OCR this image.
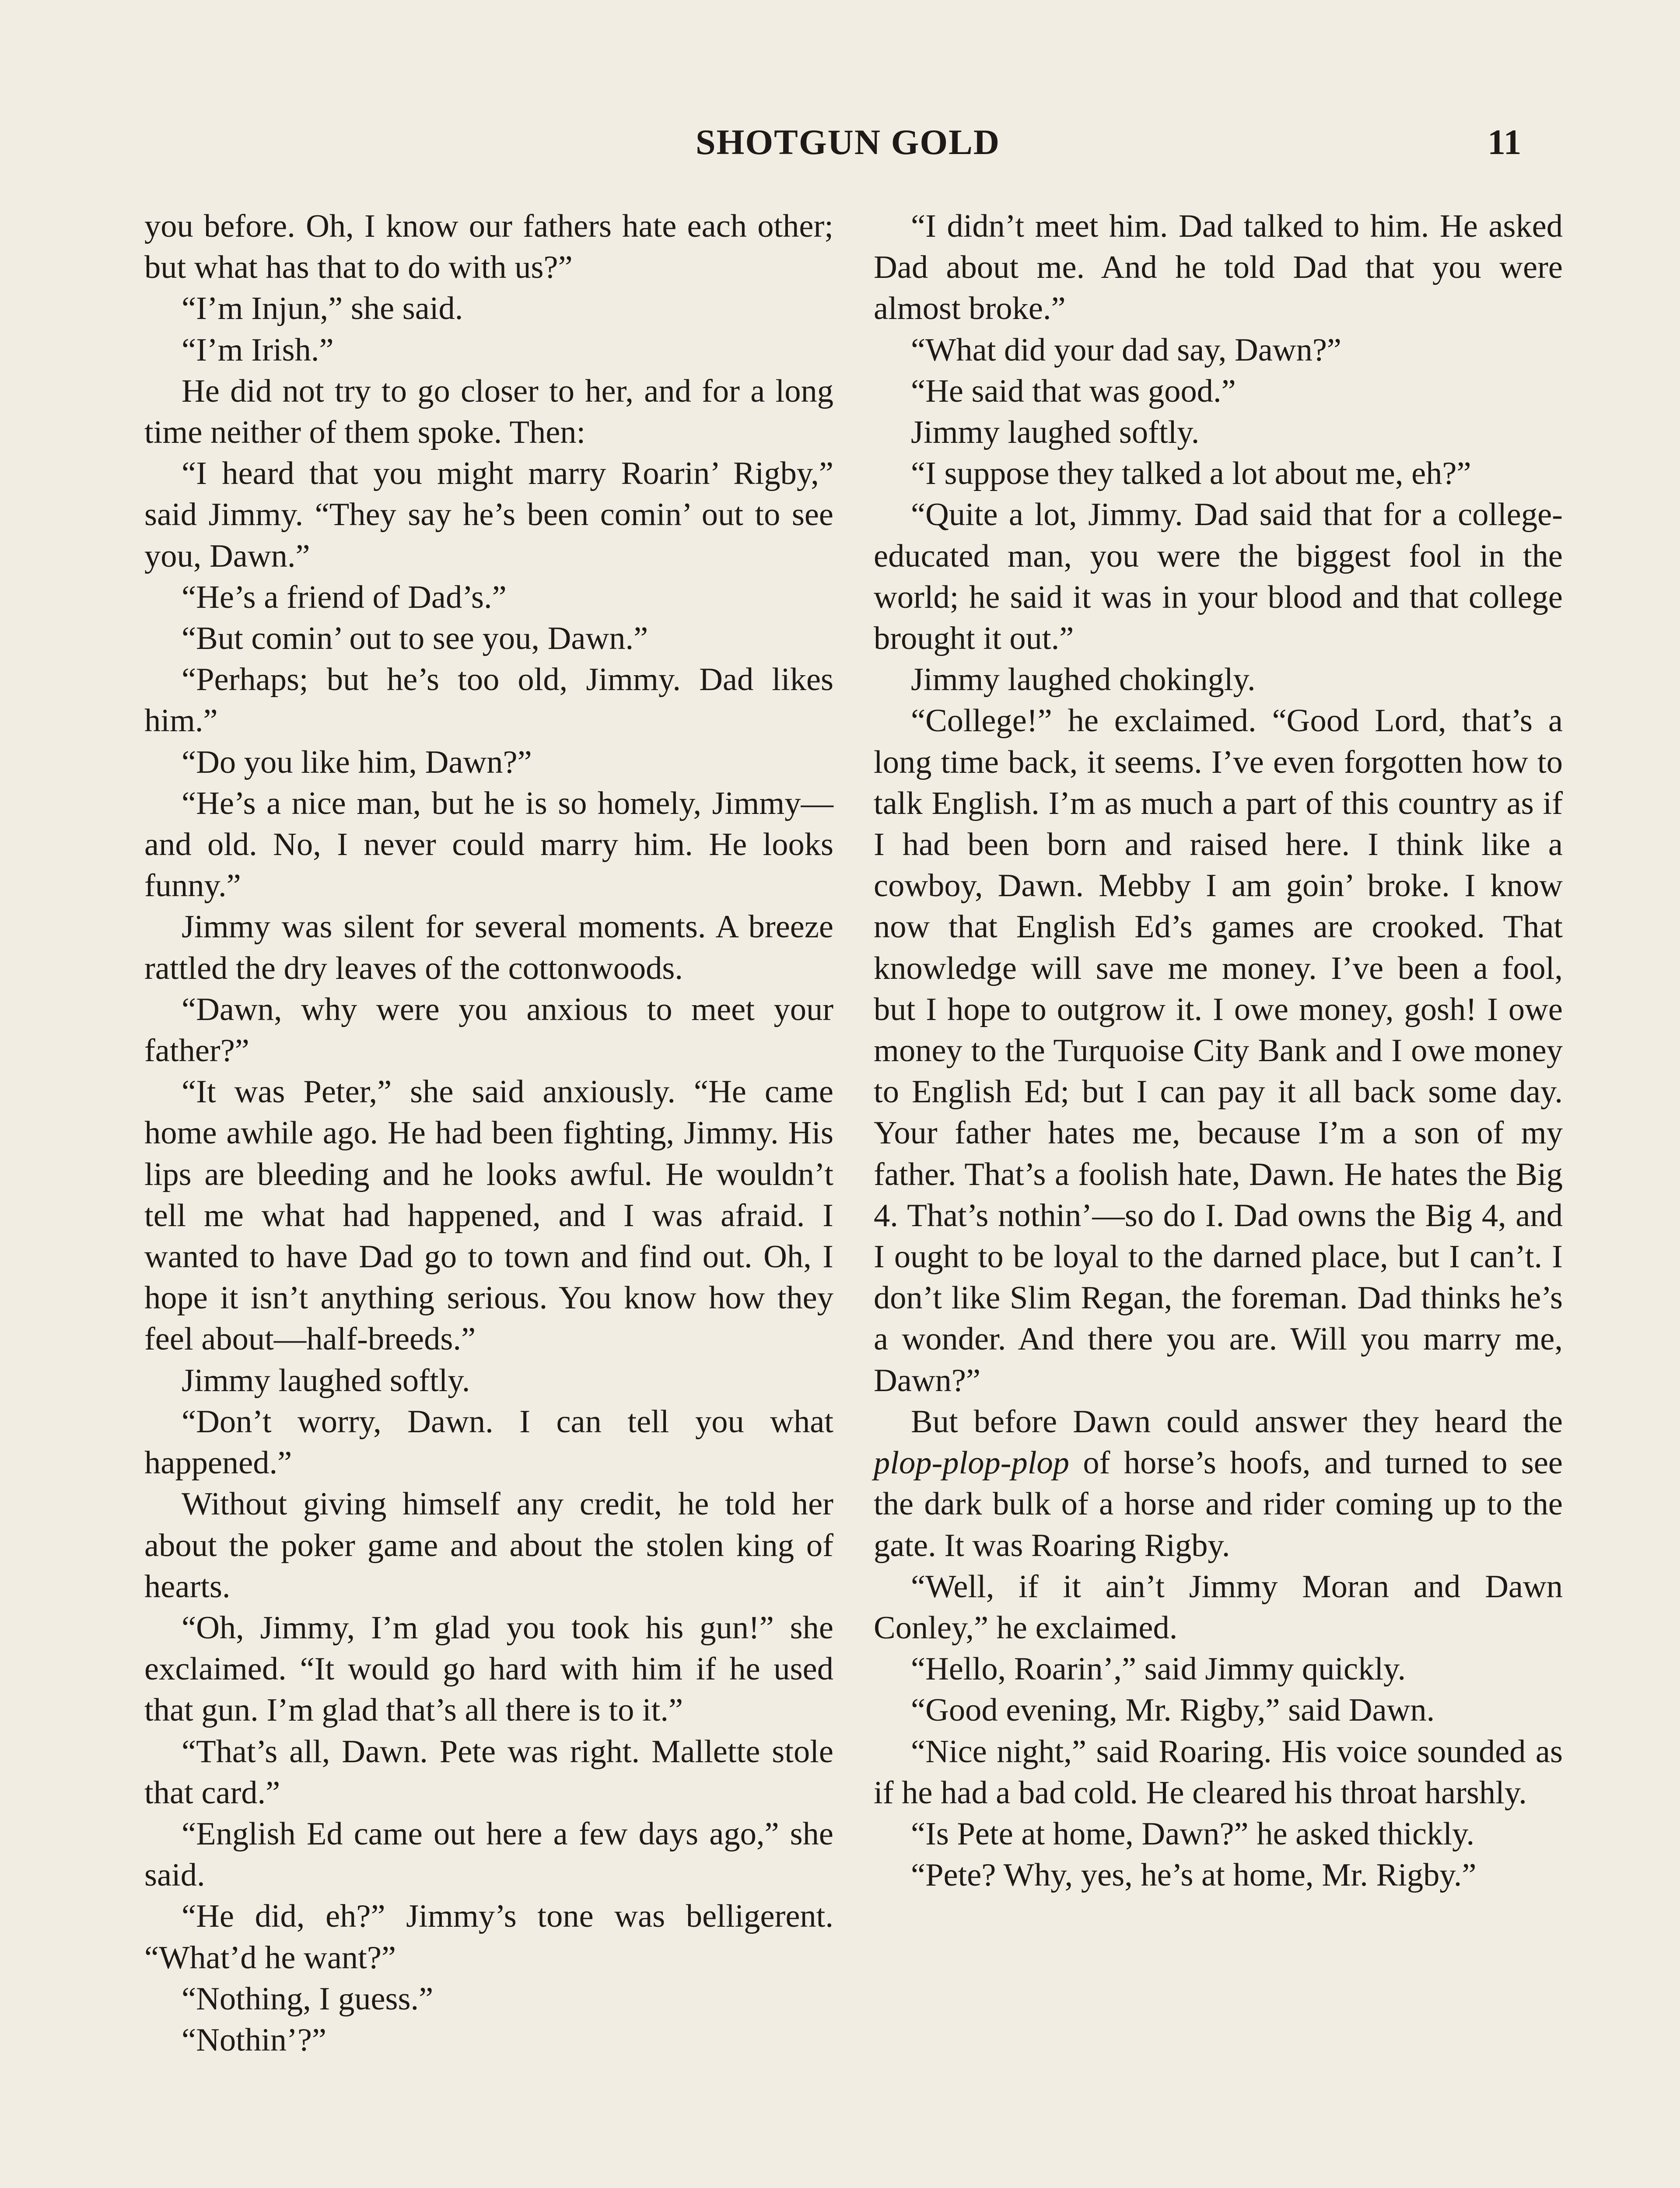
SHOTGUN GOLD	11

you before. Oh, I know our fathers hate each other; but what has that to do with us?”

“I’m Injun,” she said.

“I’m Irish.”

He did not try to go closer to her, and for a long time neither of them spoke. Then:

“I heard that you might marry Roarin’ Rigby,” said Jimmy. “They say he’s been comin’ out to see you, Dawn.”

“He’s a friend of Dad’s.”

“But comin’ out to see you, Dawn.”

“Perhaps; but he’s too old, Jimmy. Dad likes him.”

“Do you like him, Dawn?”

“He’s a nice man, but he is so homely, Jimmy—and old. No, I never could marry him. He looks funny.”

Jimmy was silent for several moments. A breeze rattled the dry leaves of the cottonwoods.

“Dawn, why were you anxious to meet your father?”

“It was Peter,” she said anxiously. “He came home awhile ago. He had been fighting, Jimmy. His lips are bleeding and he looks awful. He wouldn’t tell me what had happened, and I was afraid. I wanted to have Dad go to town and find out. Oh, I hope it isn’t anything serious. You know how they feel about—half-breeds.”

Jimmy laughed softly.

“Don’t worry, Dawn. I can tell you what happened.”

Without giving himself any credit, he told her about the poker game and about the stolen king of hearts.

“Oh, Jimmy, I’m glad you took his gun!” she exclaimed. “It would go hard with him if he used that gun. I’m glad that’s all there is to it.”

“That’s all, Dawn. Pete was right. Mallette stole that card.”

“English Ed came out here a few days ago,” she said.

“He did, eh?” Jimmy’s tone was belligerent. “What’d he want?”

“Nothing, I guess.”

“Nothin’?”

“I didn’t meet him. Dad talked to him. He asked Dad about me. And he told Dad that you were almost broke.”

“What did your dad say, Dawn?”

“He said that was good.”

Jimmy laughed softly.

“I suppose they talked a lot about me, eh?”

“Quite a lot, Jimmy. Dad said that for a college-educated man, you were the biggest fool in the world; he said it was in your blood and that college brought it out.”

Jimmy laughed chokingly.

“College!” he exclaimed. “Good Lord, that’s a long time back, it seems. I’ve even forgotten how to talk English. I’m as much a part of this country as if I had been born and raised here. I think like a cowboy, Dawn. Mebby I am goin’ broke. I know now that English Ed’s games are crooked. That knowledge will save me money. I’ve been a fool, but I hope to outgrow it. I owe money, gosh! I owe money to the Turquoise City Bank and I owe money to English Ed; but I can pay it all back some day. Your father hates me, because I’m a son of my father. That’s a foolish hate, Dawn. He hates the Big 4. That’s nothin’—so do I. Dad owns the Big 4, and I ought to be loyal to the darned place, but I can’t. I don’t like Slim Regan, the foreman. Dad thinks he’s a wonder. And there you are. Will you marry me, Dawn?”

But before Dawn could answer they heard the plop-plop-plop of horse’s hoofs, and turned to see the dark bulk of a horse and rider coming up to the gate. It was Roaring Rigby.

“Well, if it ain’t Jimmy Moran and Dawn Conley,” he exclaimed.

“Hello, Roarin’,” said Jimmy quickly.

“Good evening, Mr. Rigby,” said Dawn.

“Nice night,” said Roaring. His voice sounded as if he had a bad cold. He cleared his throat harshly.

“Is Pete at home, Dawn?” he asked thickly.

“Pete? Why, yes, he’s at home, Mr. Rigby.”
